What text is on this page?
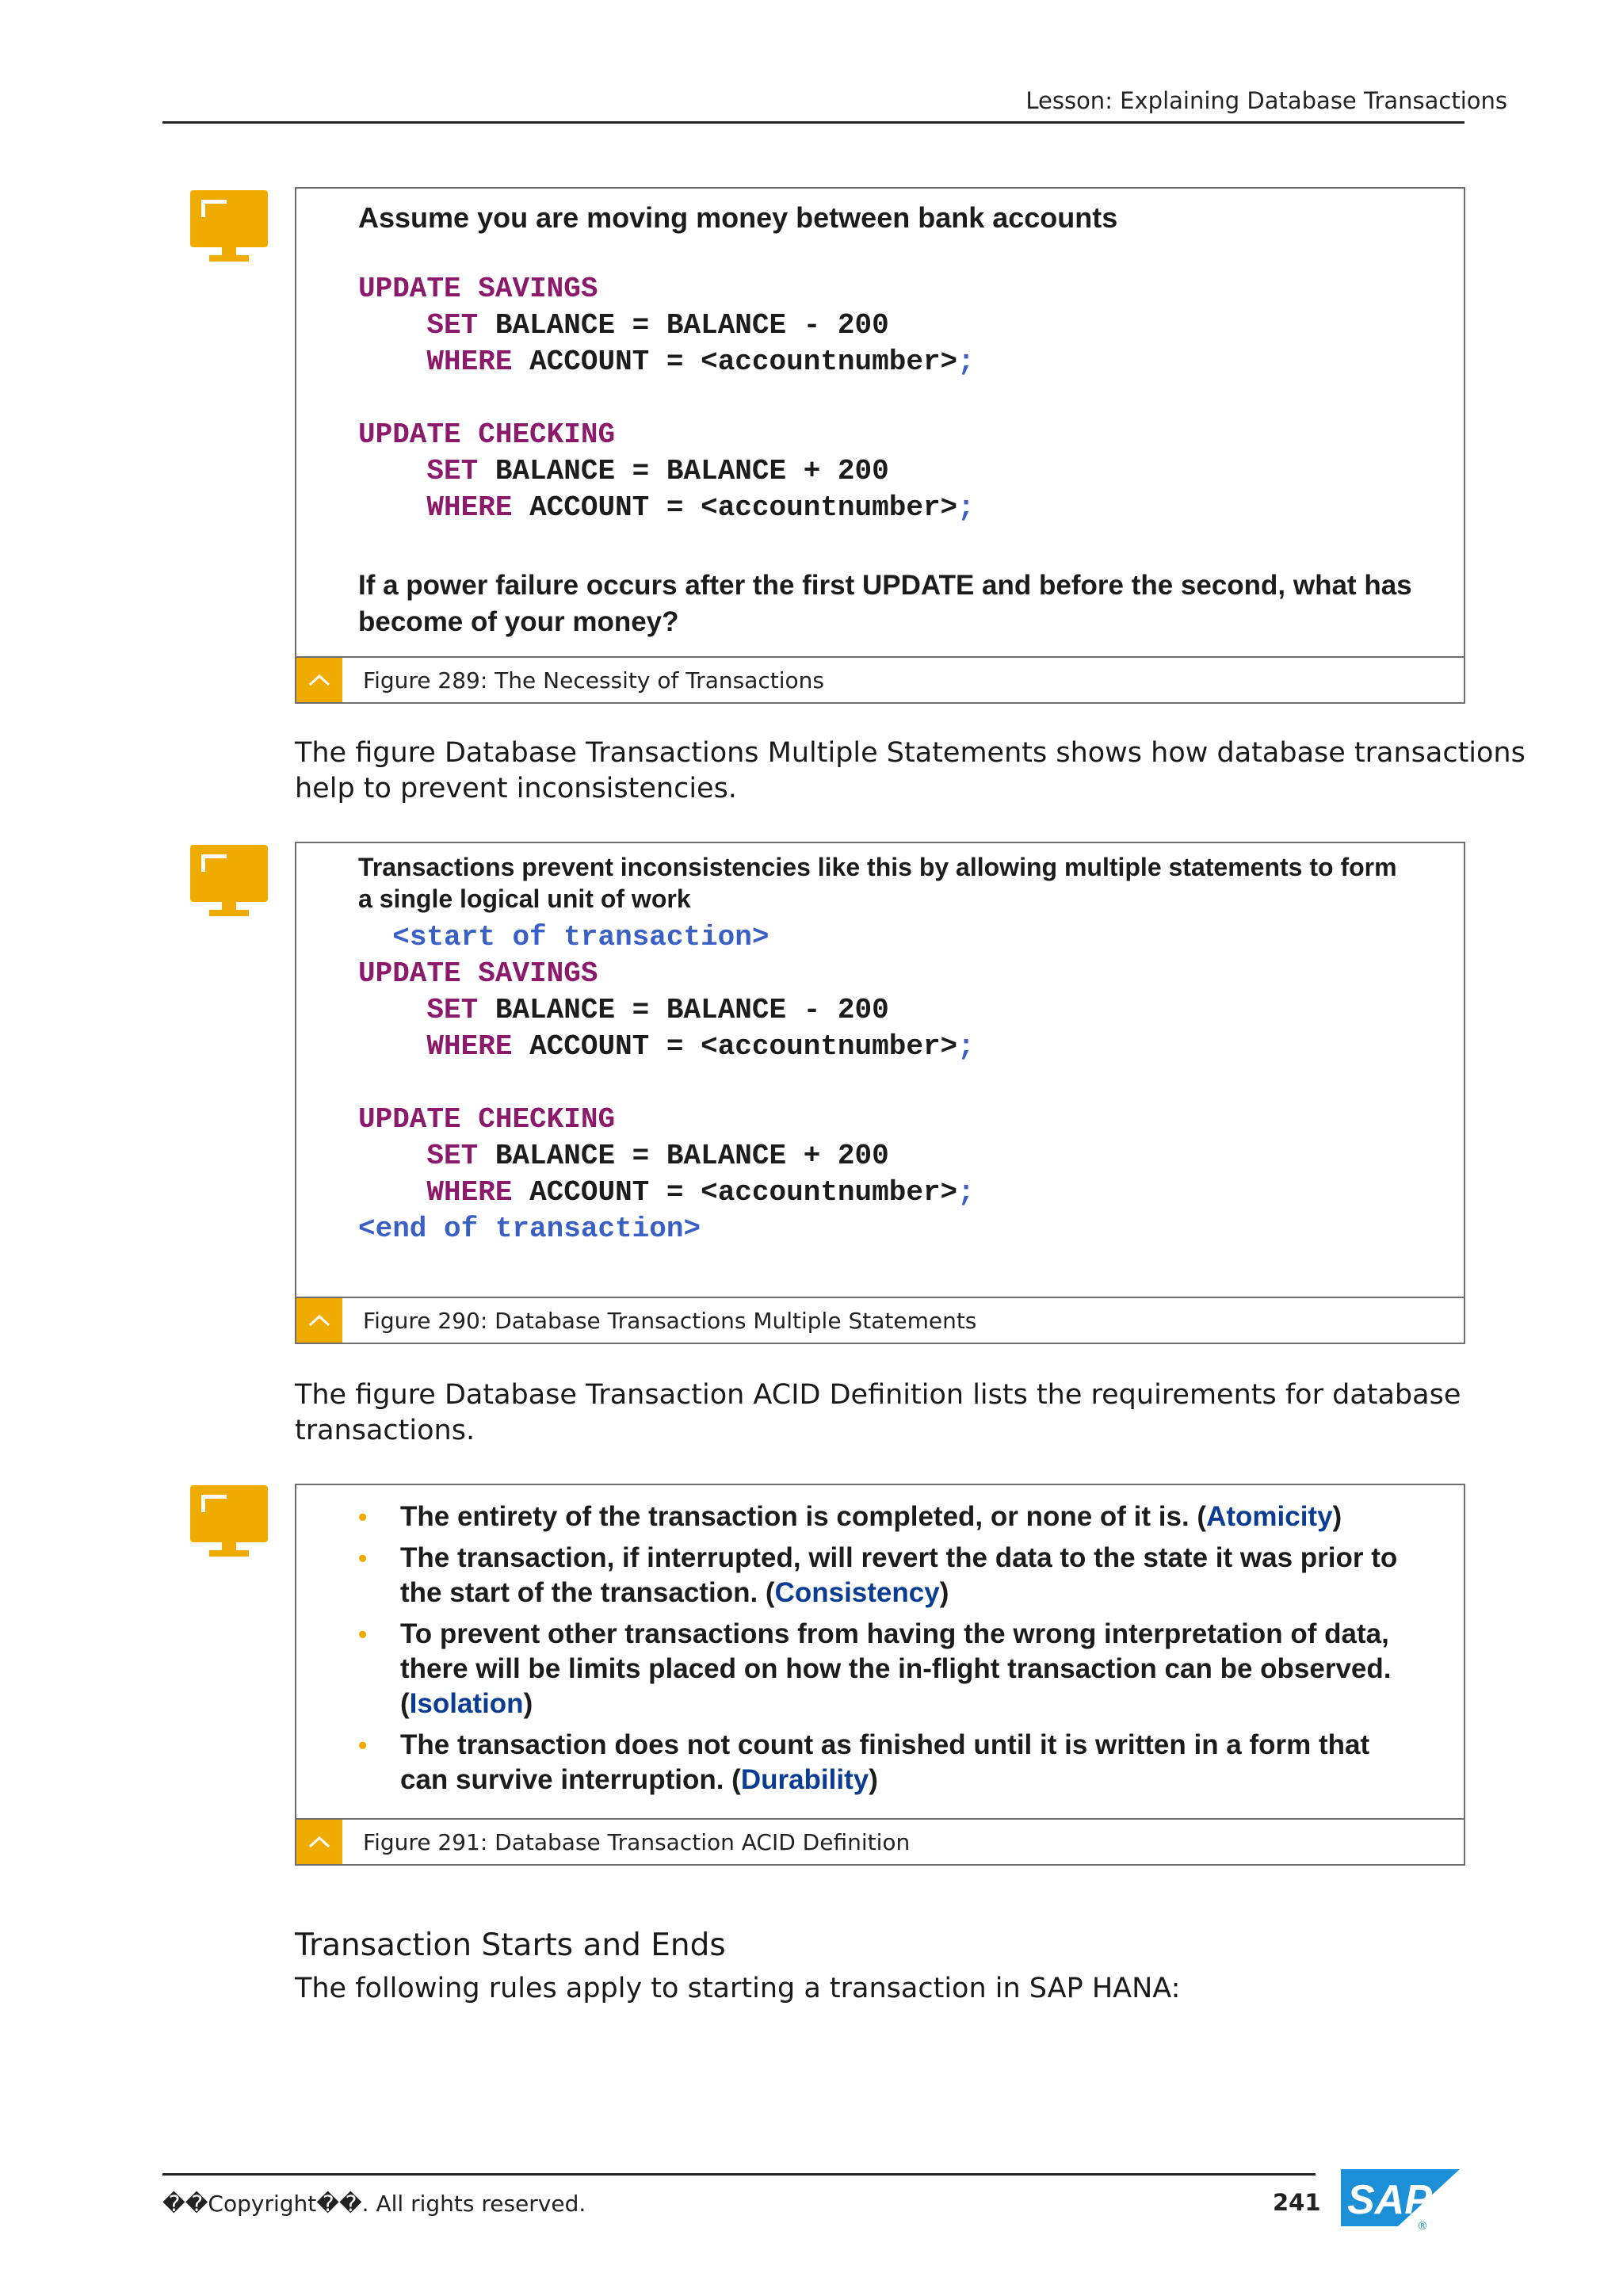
Lesson: Explaining Database Transactions
Assume you are moving money between bank accounts
UPDATE SAVINGS
SET BALANCE = BALANCE - 200
WHERE ACCOUNT = <accountnumber>;
UPDATE CHECKING
SET BALANCE = BALANCE + 200
WHERE ACCOUNT = <accountnumber>;
If a power failure occurs after the first UPDATE and before the second, what has become of your money?
Figure 289: The Necessity of Transactions
The figure Database Transactions Multiple Statements shows how database transactions help to prevent inconsistencies.
Transactions prevent inconsistencies like this by allowing multiple statements to form a single logical unit of work
<start of transaction>
UPDATE SAVINGS
SET BALANCE = BALANCE - 200
WHERE ACCOUNT = <accountnumber>;

UPDATE CHECKING
SET BALANCE = BALANCE + 200
WHERE ACCOUNT = <accountnumber>;
<end of transaction>
Figure 290: Database Transactions Multiple Statements
The figure Database Transaction ACID Definition lists the requirements for database transactions.
• The entirety of the transaction is completed, or none of it is. (Atomicity)
• The transaction, if interrupted, will revert the data to the state it was prior to the start of the transaction. (Consistency)
• To prevent other transactions from having the wrong interpretation of data, there will be limits placed on how the in-flight transaction can be observed. (Isolation)
• The transaction does not count as finished until it is written in a form that can survive interruption. (Durability)
Figure 291: Database Transaction ACID Definition
Transaction Starts and Ends
The following rules apply to starting a transaction in SAP HANA:
��Copyright��. All rights reserved.	241 SAP
®
